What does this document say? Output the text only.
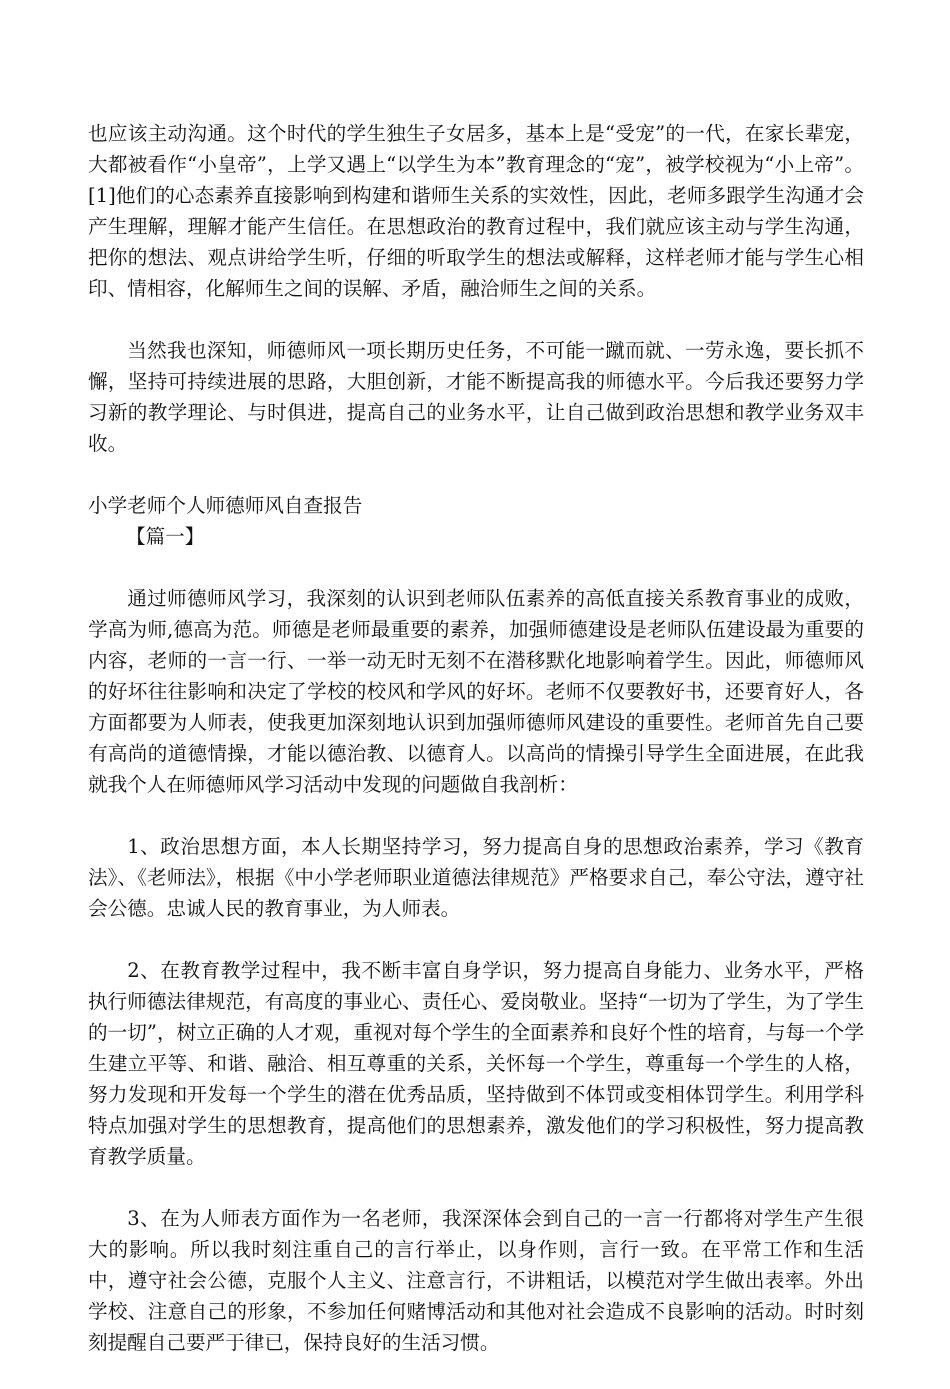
也应该主动沟通。这个时代的学生独生子女居多，基本上是“受宠”的一代，在家长辈宠，大都被看作“小皇帝”，上学又遇上“以学生为本”教育理念的“宠”，被学校视为“小上帝”。[1]他们的心态素养直接影响到构建和谐师生关系的实效性，因此，老师多跟学生沟通才会产生理解，理解才能产生信任。在思想政治的教育过程中，我们就应该主动与学生沟通，把你的想法、观点讲给学生听，仔细的听取学生的想法或解释，这样老师才能与学生心相印、情相容，化解师生之间的误解、矛盾，融洽师生之间的关系。

当然我也深知，师德师风一项长期历史任务，不可能一蹴而就、一劳永逸，要长抓不懈，坚持可持续进展的思路，大胆创新，才能不断提高我的师德水平。今后我还要努力学习新的教学理论、与时俱进，提高自己的业务水平，让自己做到政治思想和教学业务双丰收。

小学老师个人师德师风自查报告

【篇一】

通过师德师风学习，我深刻的认识到老师队伍素养的高低直接关系教育事业的成败，学高为师,德高为范。师德是老师最重要的素养，加强师德建设是老师队伍建设最为重要的内容，老师的一言一行、一举一动无时无刻不在潜移默化地影响着学生。因此，师德师风的好坏往往影响和决定了学校的校风和学风的好坏。老师不仅要教好书，还要育好人，各方面都要为人师表，使我更加深刻地认识到加强师德师风建设的重要性。老师首先自己要有高尚的道德情操，才能以德治教、以德育人。以高尚的情操引导学生全面进展，在此我就我个人在师德师风学习活动中发现的问题做自我剖析：

1、政治思想方面，本人长期坚持学习，努力提高自身的思想政治素养，学习《教育法》、《老师法》，根据《中小学老师职业道德法律规范》严格要求自己，奉公守法，遵守社会公德。忠诚人民的教育事业，为人师表。

2、在教育教学过程中，我不断丰富自身学识，努力提高自身能力、业务水平，严格执行师德法律规范，有高度的事业心、责任心、爱岗敬业。坚持“一切为了学生，为了学生的一切”，树立正确的人才观，重视对每个学生的全面素养和良好个性的培育，与每一个学生建立平等、和谐、融洽、相互尊重的关系，关怀每一个学生，尊重每一个学生的人格，努力发现和开发每一个学生的潜在优秀品质，坚持做到不体罚或变相体罚学生。利用学科特点加强对学生的思想教育，提高他们的思想素养，激发他们的学习积极性，努力提高教育教学质量。

3、在为人师表方面作为一名老师，我深深体会到自己的一言一行都将对学生产生很大的影响。所以我时刻注重自己的言行举止，以身作则，言行一致。在平常工作和生活中，遵守社会公德，克服个人主义、注意言行，不讲粗话，以模范对学生做出表率。外出学校、注意自己的形象，不参加任何赌博活动和其他对社会造成不良影响的活动。时时刻刻提醒自己要严于律已，保持良好的生活习惯。
